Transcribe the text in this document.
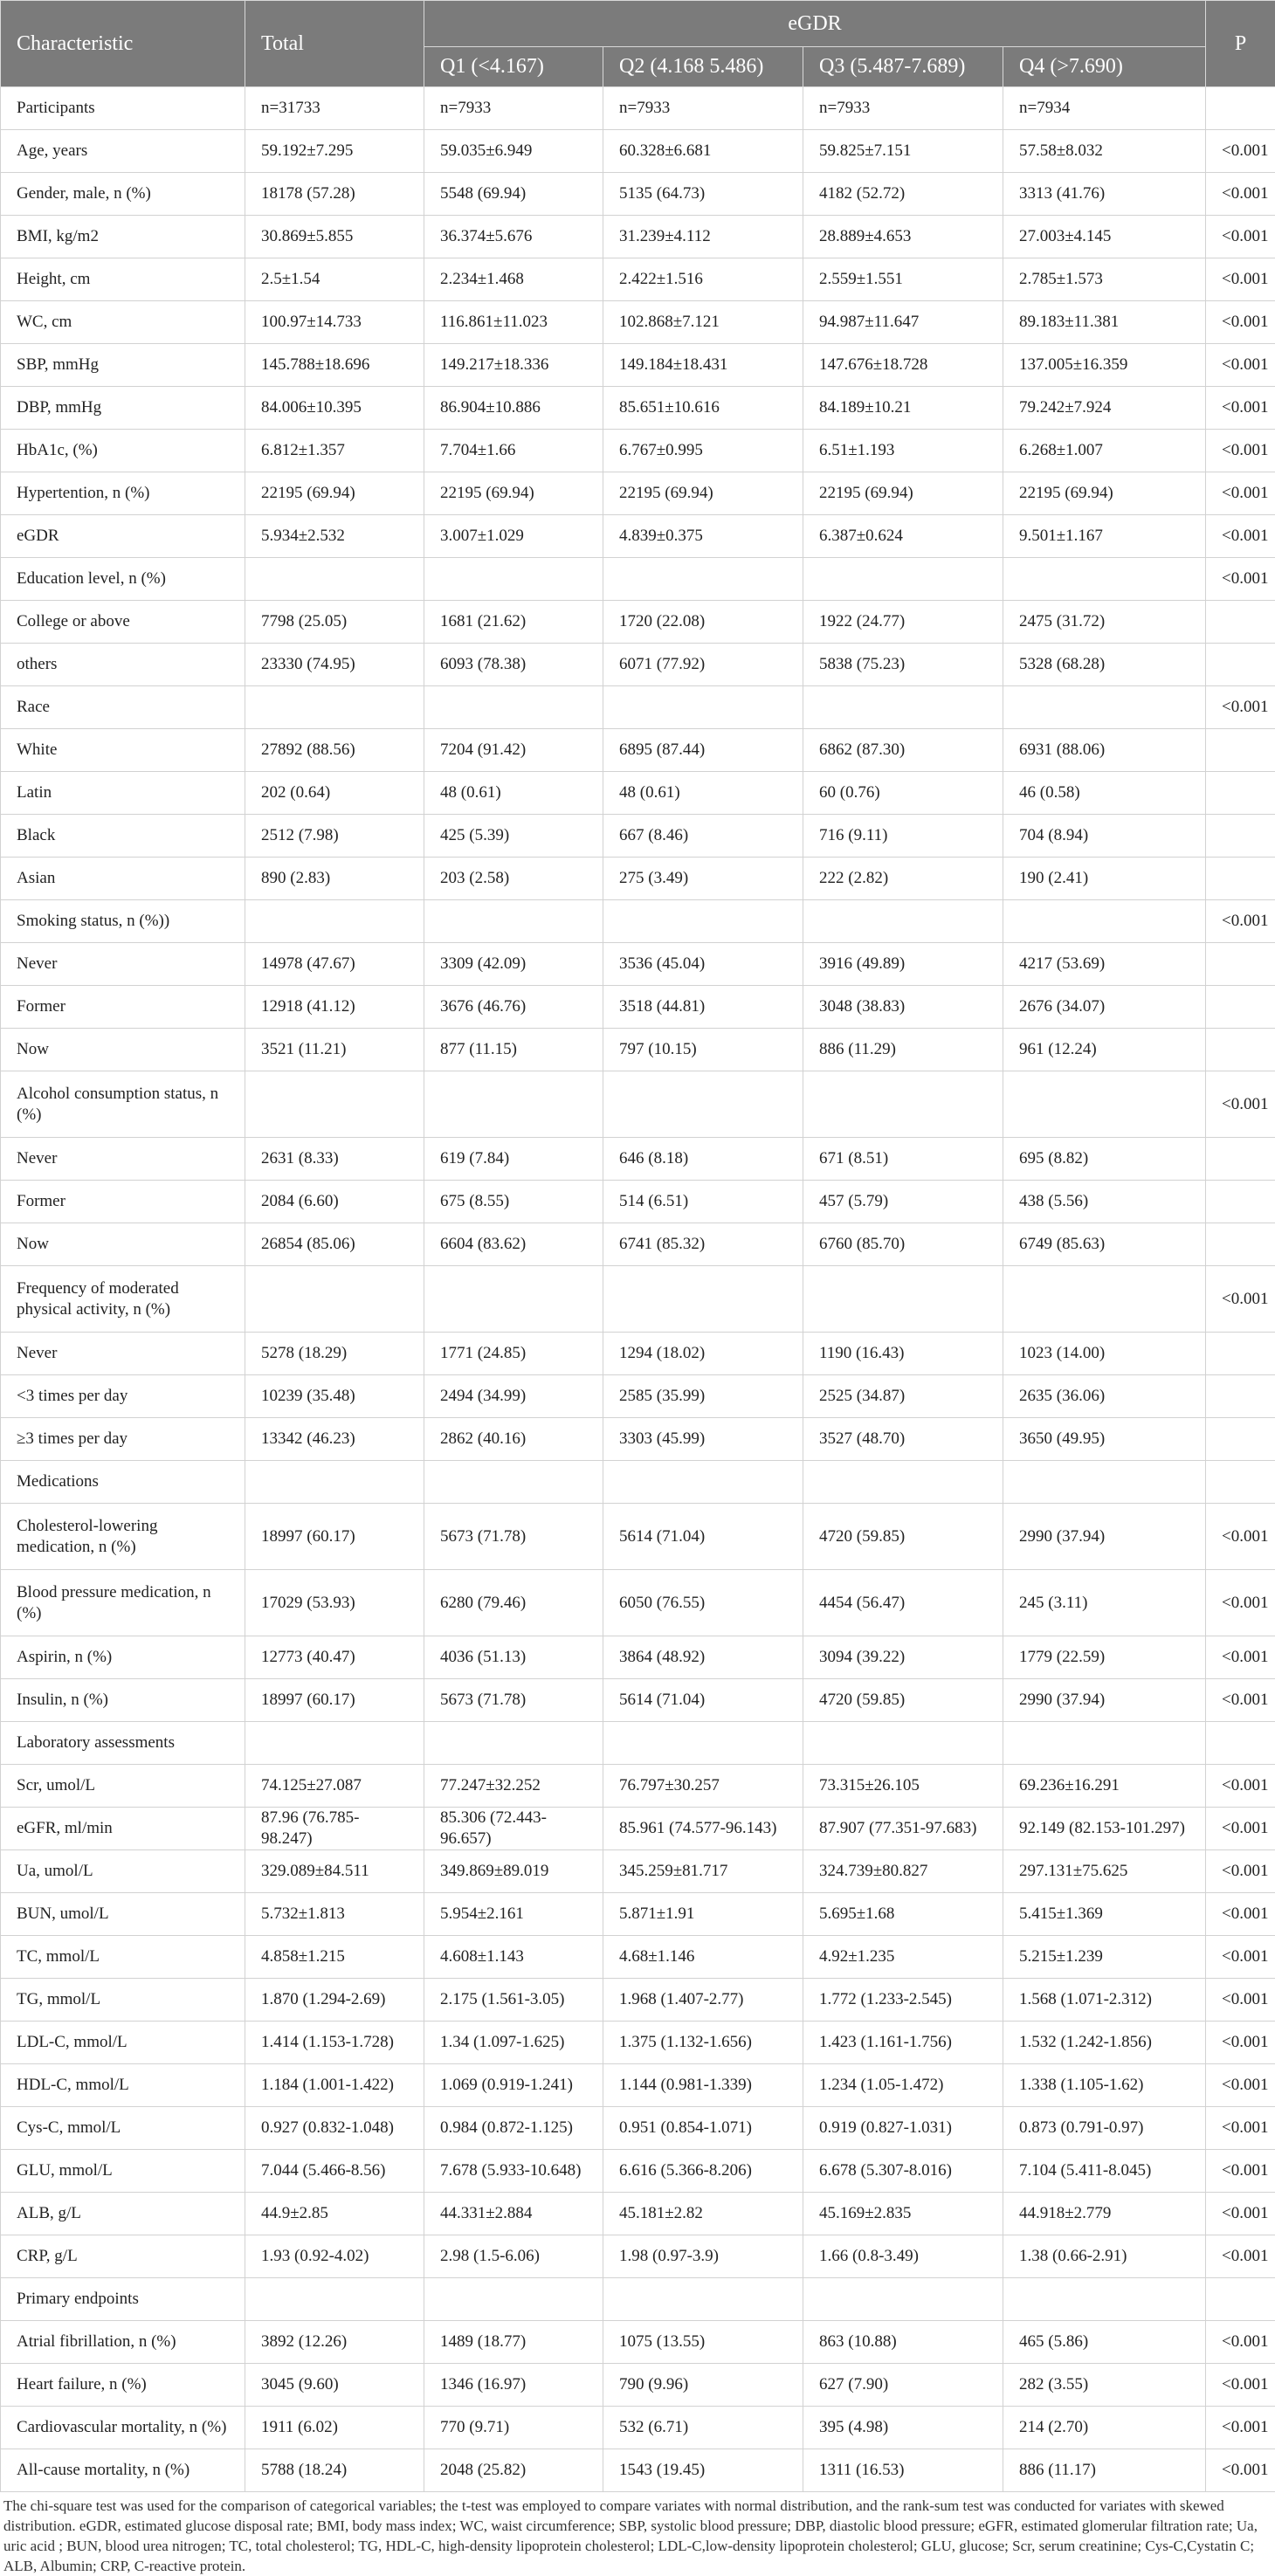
Characteristic	Total	eGDR				P
		Q1 (<4.167)	Q2 (4.168 5.486)	Q3 (5.487-7.689)	Q4 (>7.690)	
Participants	n=31733	n=7933	n=7933	n=7933	n=7934	
Age, years	59.192±7.295	59.035±6.949	60.328±6.681	59.825±7.151	57.58±8.032	<0.001
Gender, male, n (%)	18178 (57.28)	5548 (69.94)	5135 (64.73)	4182 (52.72)	3313 (41.76)	<0.001
BMI, kg/m2	30.869±5.855	36.374±5.676	31.239±4.112	28.889±4.653	27.003±4.145	<0.001
Height, cm	2.5±1.54	2.234±1.468	2.422±1.516	2.559±1.551	2.785±1.573	<0.001
WC, cm	100.97±14.733	116.861±11.023	102.868±7.121	94.987±11.647	89.183±11.381	<0.001
SBP, mmHg	145.788±18.696	149.217±18.336	149.184±18.431	147.676±18.728	137.005±16.359	<0.001
DBP, mmHg	84.006±10.395	86.904±10.886	85.651±10.616	84.189±10.21	79.242±7.924	<0.001
HbA1c, (%)	6.812±1.357	7.704±1.66	6.767±0.995	6.51±1.193	6.268±1.007	<0.001
Hypertention, n (%)	22195 (69.94)	22195 (69.94)	22195 (69.94)	22195 (69.94)	22195 (69.94)	<0.001
eGDR	5.934±2.532	3.007±1.029	4.839±0.375	6.387±0.624	9.501±1.167	<0.001
Education level, n (%)						<0.001
College or above	7798 (25.05)	1681 (21.62)	1720 (22.08)	1922 (24.77)	2475 (31.72)	
others	23330 (74.95)	6093 (78.38)	6071 (77.92)	5838 (75.23)	5328 (68.28)	
Race						<0.001
White	27892 (88.56)	7204 (91.42)	6895 (87.44)	6862 (87.30)	6931 (88.06)	
Latin	202 (0.64)	48 (0.61)	48 (0.61)	60 (0.76)	46 (0.58)	
Black	2512 (7.98)	425 (5.39)	667 (8.46)	716 (9.11)	704 (8.94)	
Asian	890 (2.83)	203 (2.58)	275 (3.49)	222 (2.82)	190 (2.41)	
Smoking status, n (%))						<0.001
Never	14978 (47.67)	3309 (42.09)	3536 (45.04)	3916 (49.89)	4217 (53.69)	
Former	12918 (41.12)	3676 (46.76)	3518 (44.81)	3048 (38.83)	2676 (34.07)	
Now	3521 (11.21)	877 (11.15)	797 (10.15)	886 (11.29)	961 (12.24)	
Alcohol consumption status, n (%)						<0.001
Never	2631 (8.33)	619 (7.84)	646 (8.18)	671 (8.51)	695 (8.82)	
Former	2084 (6.60)	675 (8.55)	514 (6.51)	457 (5.79)	438 (5.56)	
Now	26854 (85.06)	6604 (83.62)	6741 (85.32)	6760 (85.70)	6749 (85.63)	
Frequency of moderated physical activity, n (%)						<0.001
Never	5278 (18.29)	1771 (24.85)	1294 (18.02)	1190 (16.43)	1023 (14.00)	
<3 times per day	10239 (35.48)	2494 (34.99)	2585 (35.99)	2525 (34.87)	2635 (36.06)	
≥3 times per day	13342 (46.23)	2862 (40.16)	3303 (45.99)	3527 (48.70)	3650 (49.95)	
Medications						
Cholesterol-lowering medication, n (%)	18997 (60.17)	5673 (71.78)	5614 (71.04)	4720 (59.85)	2990 (37.94)	<0.001
Blood pressure medication, n (%)	17029 (53.93)	6280 (79.46)	6050 (76.55)	4454 (56.47)	245 (3.11)	<0.001
Aspirin, n (%)	12773 (40.47)	4036 (51.13)	3864 (48.92)	3094 (39.22)	1779 (22.59)	<0.001
Insulin, n (%)	18997 (60.17)	5673 (71.78)	5614 (71.04)	4720 (59.85)	2990 (37.94)	<0.001
Laboratory assessments						
Scr, umol/L	74.125±27.087	77.247±32.252	76.797±30.257	73.315±26.105	69.236±16.291	<0.001
eGFR, ml/min	87.96 (76.785-98.247)	85.306 (72.443-96.657)	85.961 (74.577-96.143)	87.907 (77.351-97.683)	92.149 (82.153-101.297)	<0.001
Ua, umol/L	329.089±84.511	349.869±89.019	345.259±81.717	324.739±80.827	297.131±75.625	<0.001
BUN, umol/L	5.732±1.813	5.954±2.161	5.871±1.91	5.695±1.68	5.415±1.369	<0.001
TC, mmol/L	4.858±1.215	4.608±1.143	4.68±1.146	4.92±1.235	5.215±1.239	<0.001
TG, mmol/L	1.870 (1.294-2.69)	2.175 (1.561-3.05)	1.968 (1.407-2.77)	1.772 (1.233-2.545)	1.568 (1.071-2.312)	<0.001
LDL-C, mmol/L	1.414 (1.153-1.728)	1.34 (1.097-1.625)	1.375 (1.132-1.656)	1.423 (1.161-1.756)	1.532 (1.242-1.856)	<0.001
HDL-C, mmol/L	1.184 (1.001-1.422)	1.069 (0.919-1.241)	1.144 (0.981-1.339)	1.234 (1.05-1.472)	1.338 (1.105-1.62)	<0.001
Cys-C, mmol/L	0.927 (0.832-1.048)	0.984 (0.872-1.125)	0.951 (0.854-1.071)	0.919 (0.827-1.031)	0.873 (0.791-0.97)	<0.001
GLU, mmol/L	7.044 (5.466-8.56)	7.678 (5.933-10.648)	6.616 (5.366-8.206)	6.678 (5.307-8.016)	7.104 (5.411-8.045)	<0.001
ALB, g/L	44.9±2.85	44.331±2.884	45.181±2.82	45.169±2.835	44.918±2.779	<0.001
CRP, g/L	1.93 (0.92-4.02)	2.98 (1.5-6.06)	1.98 (0.97-3.9)	1.66 (0.8-3.49)	1.38 (0.66-2.91)	<0.001
Primary endpoints						
Atrial fibrillation, n (%)	3892 (12.26)	1489 (18.77)	1075 (13.55)	863 (10.88)	465 (5.86)	<0.001
Heart failure, n (%)	3045 (9.60)	1346 (16.97)	790 (9.96)	627 (7.90)	282 (3.55)	<0.001
Cardiovascular mortality, n (%)	1911 (6.02)	770 (9.71)	532 (6.71)	395 (4.98)	214 (2.70)	<0.001
All-cause mortality, n (%)	5788 (18.24)	2048 (25.82)	1543 (19.45)	1311 (16.53)	886 (11.17)	<0.001
The chi-square test was used for the comparison of categorical variables; the t-test was employed to compare variates with normal distribution, and the rank-sum test was conducted for variates with skewed distribution. eGDR, estimated glucose disposal rate; BMI, body mass index; WC, waist circumference; SBP, systolic blood pressure; DBP, diastolic blood pressure; eGFR, estimated glomerular filtration rate; Ua, uric acid ; BUN, blood urea nitrogen; TC, total cholesterol; TG, HDL-C, high-density lipoprotein cholesterol; LDL-C,low-density lipoprotein cholesterol; GLU, glucose; Scr, serum creatinine; Cys-C,Cystatin C; ALB, Albumin; CRP, C-reactive protein.
